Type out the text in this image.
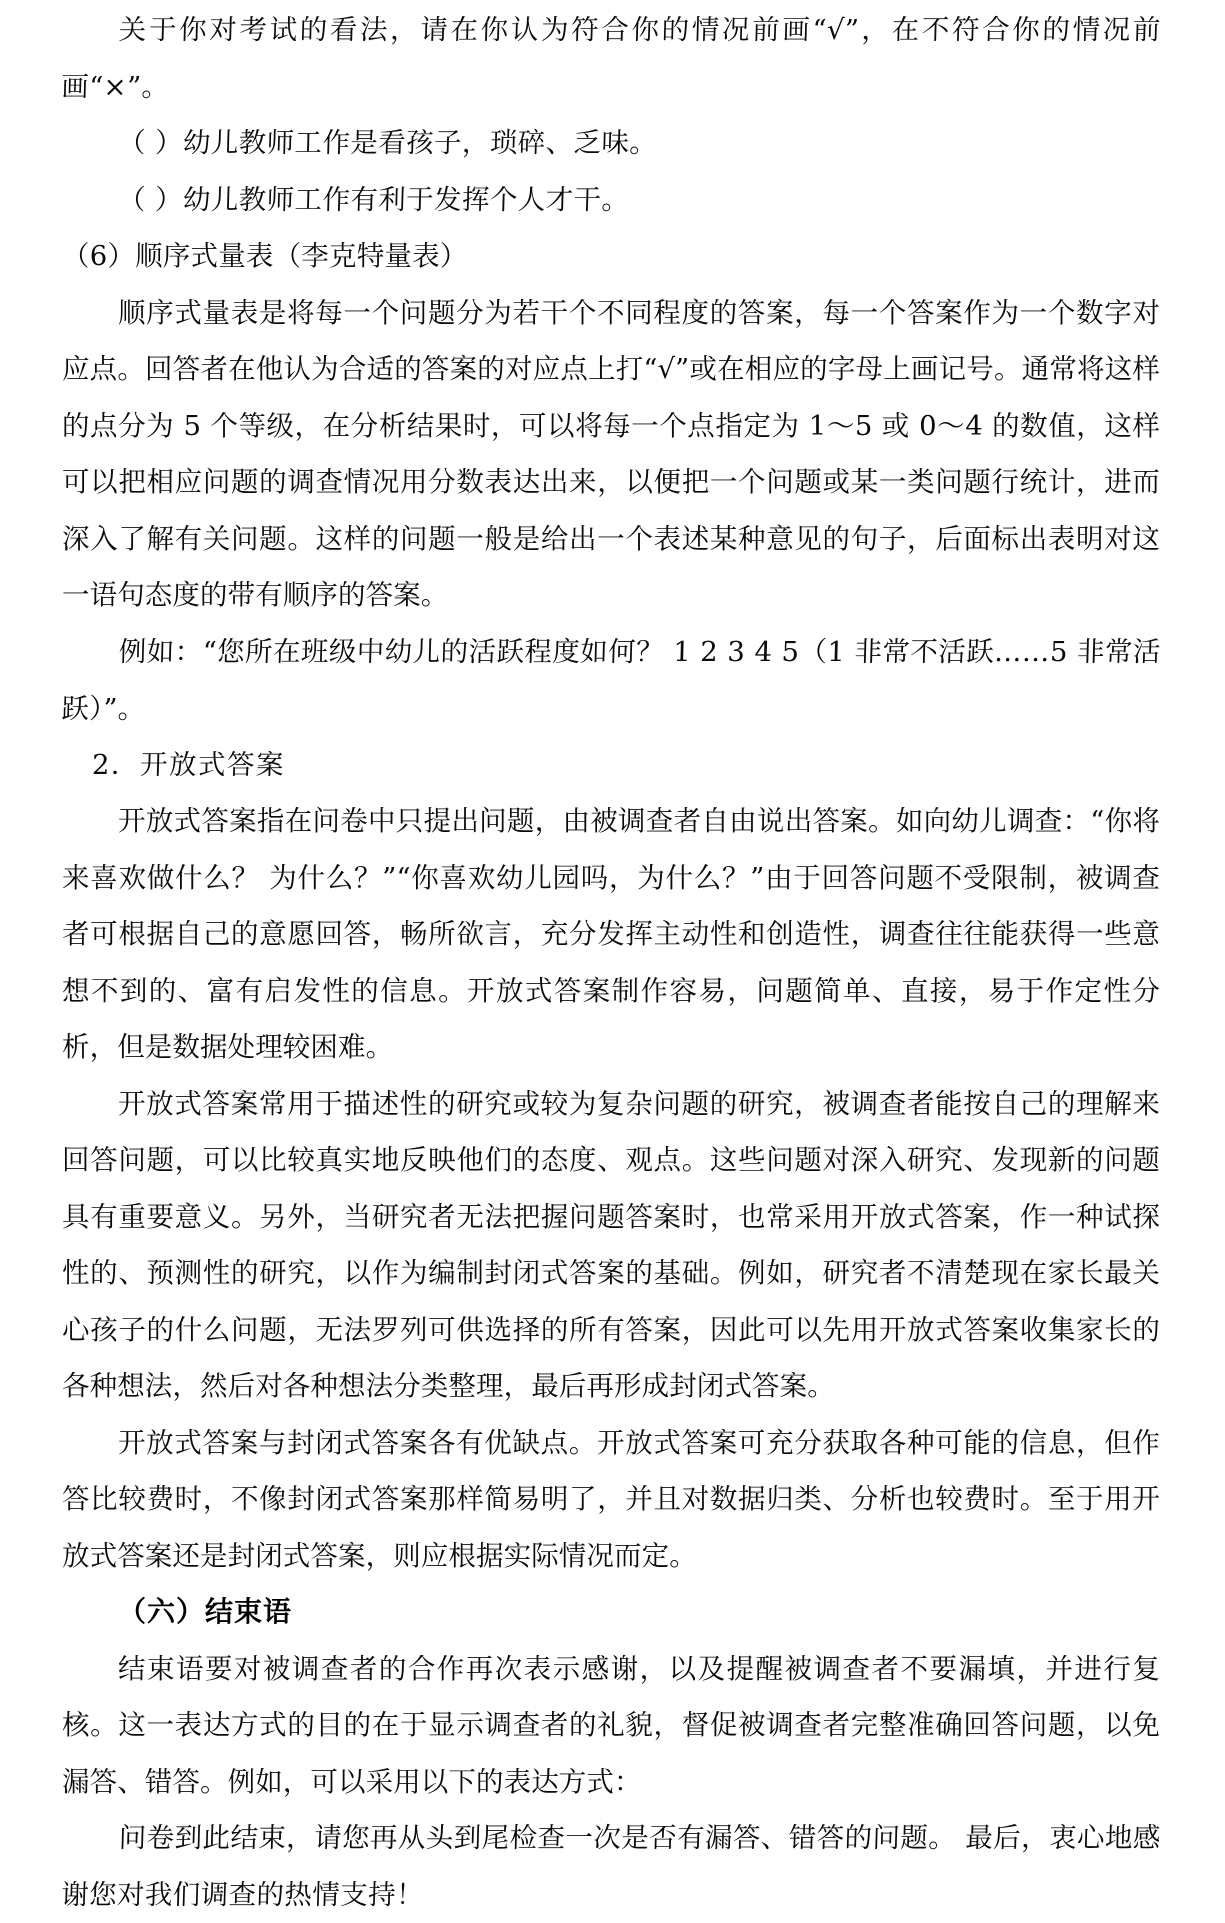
关于你对考试的看法，请在你认为符合你的情况前画“√”，在不符合你的情况前画“×”。

（ ）幼儿教师工作是看孩子，琐碎、乏味。

（ ）幼儿教师工作有利于发挥个人才干。

（6）顺序式量表（李克特量表）

顺序式量表是将每一个问题分为若干个不同程度的答案，每一个答案作为一个数字对应点。回答者在他认为合适的答案的对应点上打“√”或在相应的字母上画记号。通常将这样的点分为 5 个等级，在分析结果时，可以将每一个点指定为 1～5 或 0～4 的数值，这样可以把相应问题的调查情况用分数表达出来，以便把一个问题或某一类问题行统计，进而深入了解有关问题。这样的问题一般是给出一个表述某种意见的句子，后面标出表明对这一语句态度的带有顺序的答案。

例如：“您所在班级中幼儿的活跃程度如何？ 1 2 3 4 5（1 非常不活跃……5 非常活跃）”。

2．开放式答案

开放式答案指在问卷中只提出问题，由被调查者自由说出答案。如向幼儿调查：“你将来喜欢做什么？ 为什么？”“你喜欢幼儿园吗，为什么？”由于回答问题不受限制，被调查者可根据自己的意愿回答，畅所欲言，充分发挥主动性和创造性，调查往往能获得一些意想不到的、富有启发性的信息。开放式答案制作容易，问题简单、直接，易于作定性分析，但是数据处理较困难。

开放式答案常用于描述性的研究或较为复杂问题的研究，被调查者能按自己的理解来回答问题，可以比较真实地反映他们的态度、观点。这些问题对深入研究、发现新的问题具有重要意义。另外，当研究者无法把握问题答案时，也常采用开放式答案，作一种试探性的、预测性的研究，以作为编制封闭式答案的基础。例如，研究者不清楚现在家长最关心孩子的什么问题，无法罗列可供选择的所有答案，因此可以先用开放式答案收集家长的各种想法，然后对各种想法分类整理，最后再形成封闭式答案。

开放式答案与封闭式答案各有优缺点。开放式答案可充分获取各种可能的信息，但作答比较费时，不像封闭式答案那样简易明了，并且对数据归类、分析也较费时。至于用开放式答案还是封闭式答案，则应根据实际情况而定。

（六）结束语

结束语要对被调查者的合作再次表示感谢，以及提醒被调查者不要漏填，并进行复核。这一表达方式的目的在于显示调查者的礼貌，督促被调查者完整准确回答问题，以免漏答、错答。例如，可以采用以下的表达方式：

问卷到此结束，请您再从头到尾检查一次是否有漏答、错答的问题。 最后，衷心地感谢您对我们调查的热情支持！
